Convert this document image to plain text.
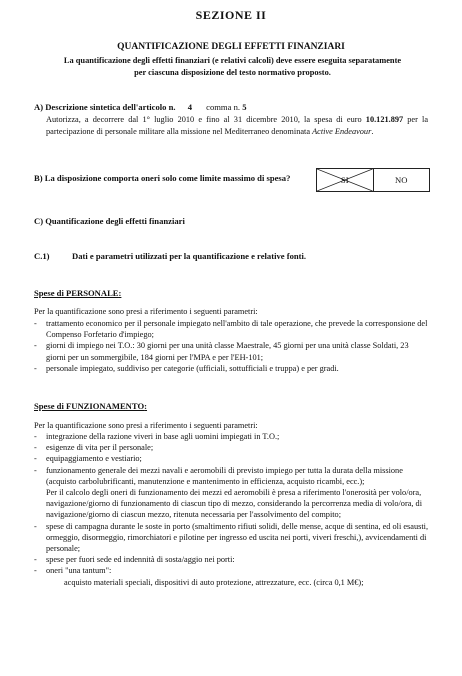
SEZIONE II
QUANTIFICAZIONE DEGLI EFFETTI FINANZIARI
La quantificazione degli effetti finanziari (e relativi calcoli) deve essere eseguita separatamente per ciascuna disposizione del testo normativo proposto.
A) Descrizione sintetica dell'articolo n. 4 comma n. 5
Autorizza, a decorrere dal 1° luglio 2010 e fino al 31 dicembre 2010, la spesa di euro 10.121.897 per la partecipazione di personale militare alla missione nel Mediterraneo denominata Active Endeavour.
B) La disposizione comporta oneri solo come limite massimo di spesa?	SI	NO
C) Quantificazione degli effetti finanziari
C.1)	Dati e parametri utilizzati per la quantificazione e relative fonti.
Spese di PERSONALE:
Per la quantificazione sono presi a riferimento i seguenti parametri:
- trattamento economico per il personale impiegato nell'ambito di tale operazione, che prevede la corresponsione del Compenso Forfetario d'impiego;
- giorni di impiego nei T.O.: 30 giorni per una unità classe Maestrale, 45 giorni per una unità classe Soldati, 23 giorni per un sommergibile, 184 giorni per l'MPA e per l'EH-101;
- personale impiegato, suddiviso per categorie (ufficiali, sottufficiali e truppa) e per gradi.
Spese di FUNZIONAMENTO:
Per la quantificazione sono presi a riferimento i seguenti parametri:
- integrazione della razione viveri in base agli uomini impiegati in T.O.;
- esigenze di vita per il personale;
- equipaggiamento e vestiario;
- funzionamento generale dei mezzi navali e aeromobili di previsto impiego per tutta la durata della missione (acquisto carbolubrificanti, manutenzione e mantenimento in efficienza, acquisto ricambi, ecc.);
Per il calcolo degli oneri di funzionamento dei mezzi ed aeromobili è presa a riferimento l'onerosità per volo/ora, navigazione/giorno di funzionamento di ciascun tipo di mezzo, considerando la percorrenza media di volo/ora, di navigazione/giorno di ciascun mezzo, ritenuta necessaria per l'assolvimento del compito;
- spese di campagna durante le soste in porto (smaltimento rifiuti solidi, delle mense, acque di sentina, ed oli esausti, ormeggio, disormeggio, rimorchiatori e pilotine per ingresso ed uscita nei porti, viveri freschi,), avvicendamenti di personale;
- spese per fuori sede ed indennità di sosta/aggio nei porti:
- oneri "una tantum":
acquisto materiali speciali, dispositivi di auto protezione, attrezzature, ecc. (circa 0,1 M€);
